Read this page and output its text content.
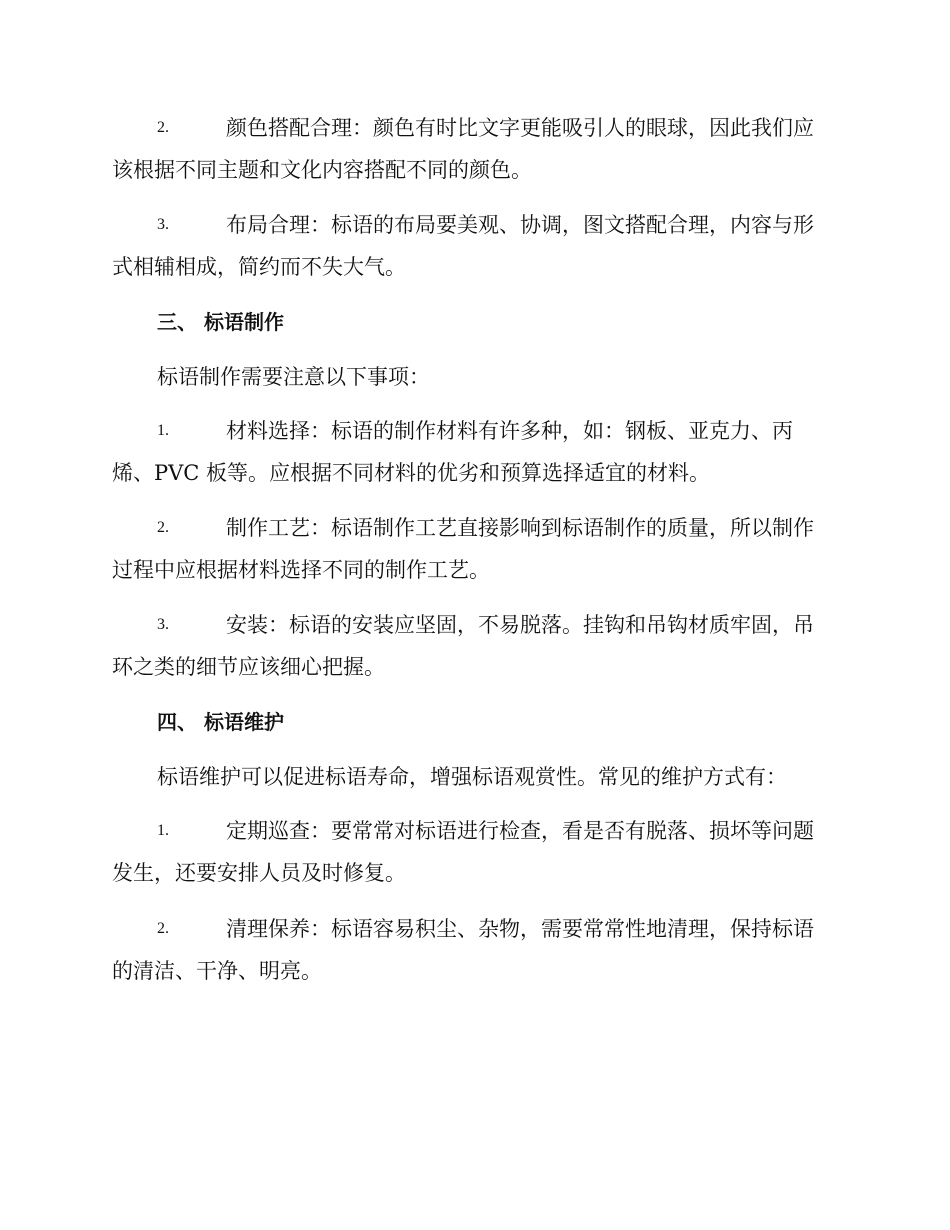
2.	颜色搭配合理：颜色有时比文字更能吸引人的眼球，因此我们应
该根据不同主题和文化内容搭配不同的颜色。
3.	布局合理：标语的布局要美观、协调，图文搭配合理，内容与形
式相辅相成，简约而不失大气。
三、 标语制作
标语制作需要注意以下事项：
1.	材料选择：标语的制作材料有许多种，如：钢板、亚克力、丙
烯、PVC 板等。应根据不同材料的优劣和预算选择适宜的材料。
2.	制作工艺：标语制作工艺直接影响到标语制作的质量，所以制作
过程中应根据材料选择不同的制作工艺。
3.	安装：标语的安装应坚固，不易脱落。挂钩和吊钩材质牢固，吊
环之类的细节应该细心把握。
四、 标语维护
标语维护可以促进标语寿命，增强标语观赏性。常见的维护方式有：
1.	定期巡查：要常常对标语进行检查，看是否有脱落、损坏等问题
发生，还要安排人员及时修复。
2.	清理保养：标语容易积尘、杂物，需要常常性地清理，保持标语
的清洁、干净、明亮。
